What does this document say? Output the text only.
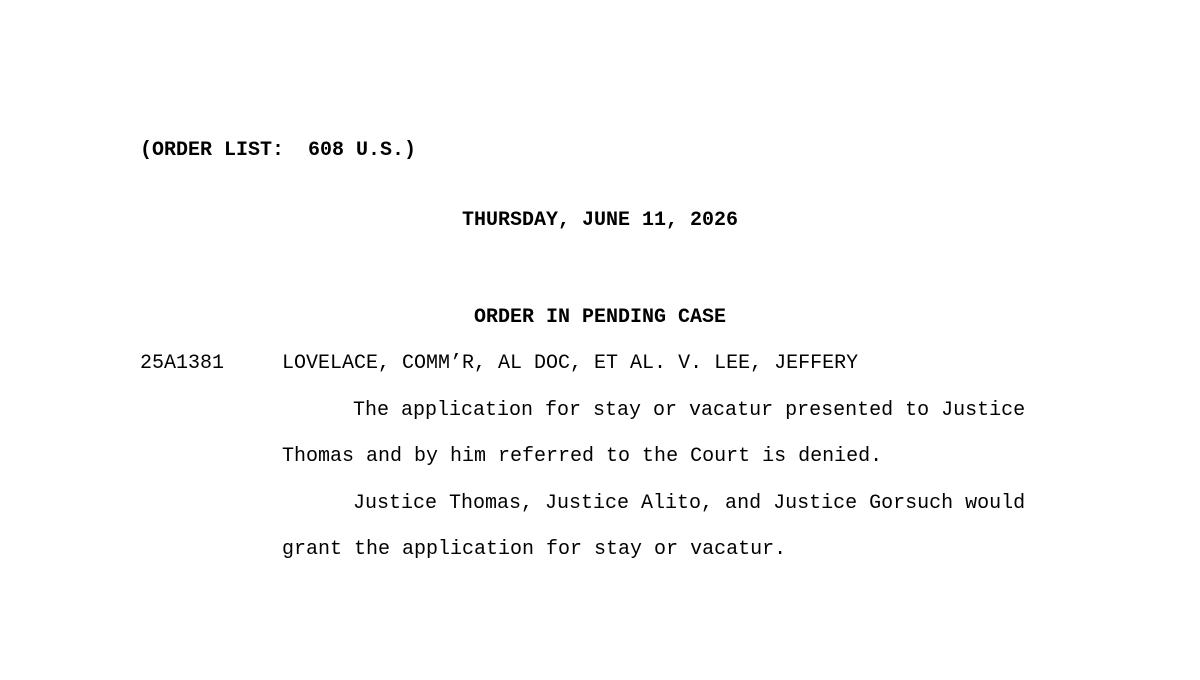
(ORDER LIST:  608 U.S.)
THURSDAY, JUNE 11, 2026
ORDER IN PENDING CASE
25A1381	LOVELACE, COMM’R, AL DOC, ET AL. V. LEE, JEFFERY
The application for stay or vacatur presented to Justice
Thomas and by him referred to the Court is denied.
Justice Thomas, Justice Alito, and Justice Gorsuch would
grant the application for stay or vacatur.
